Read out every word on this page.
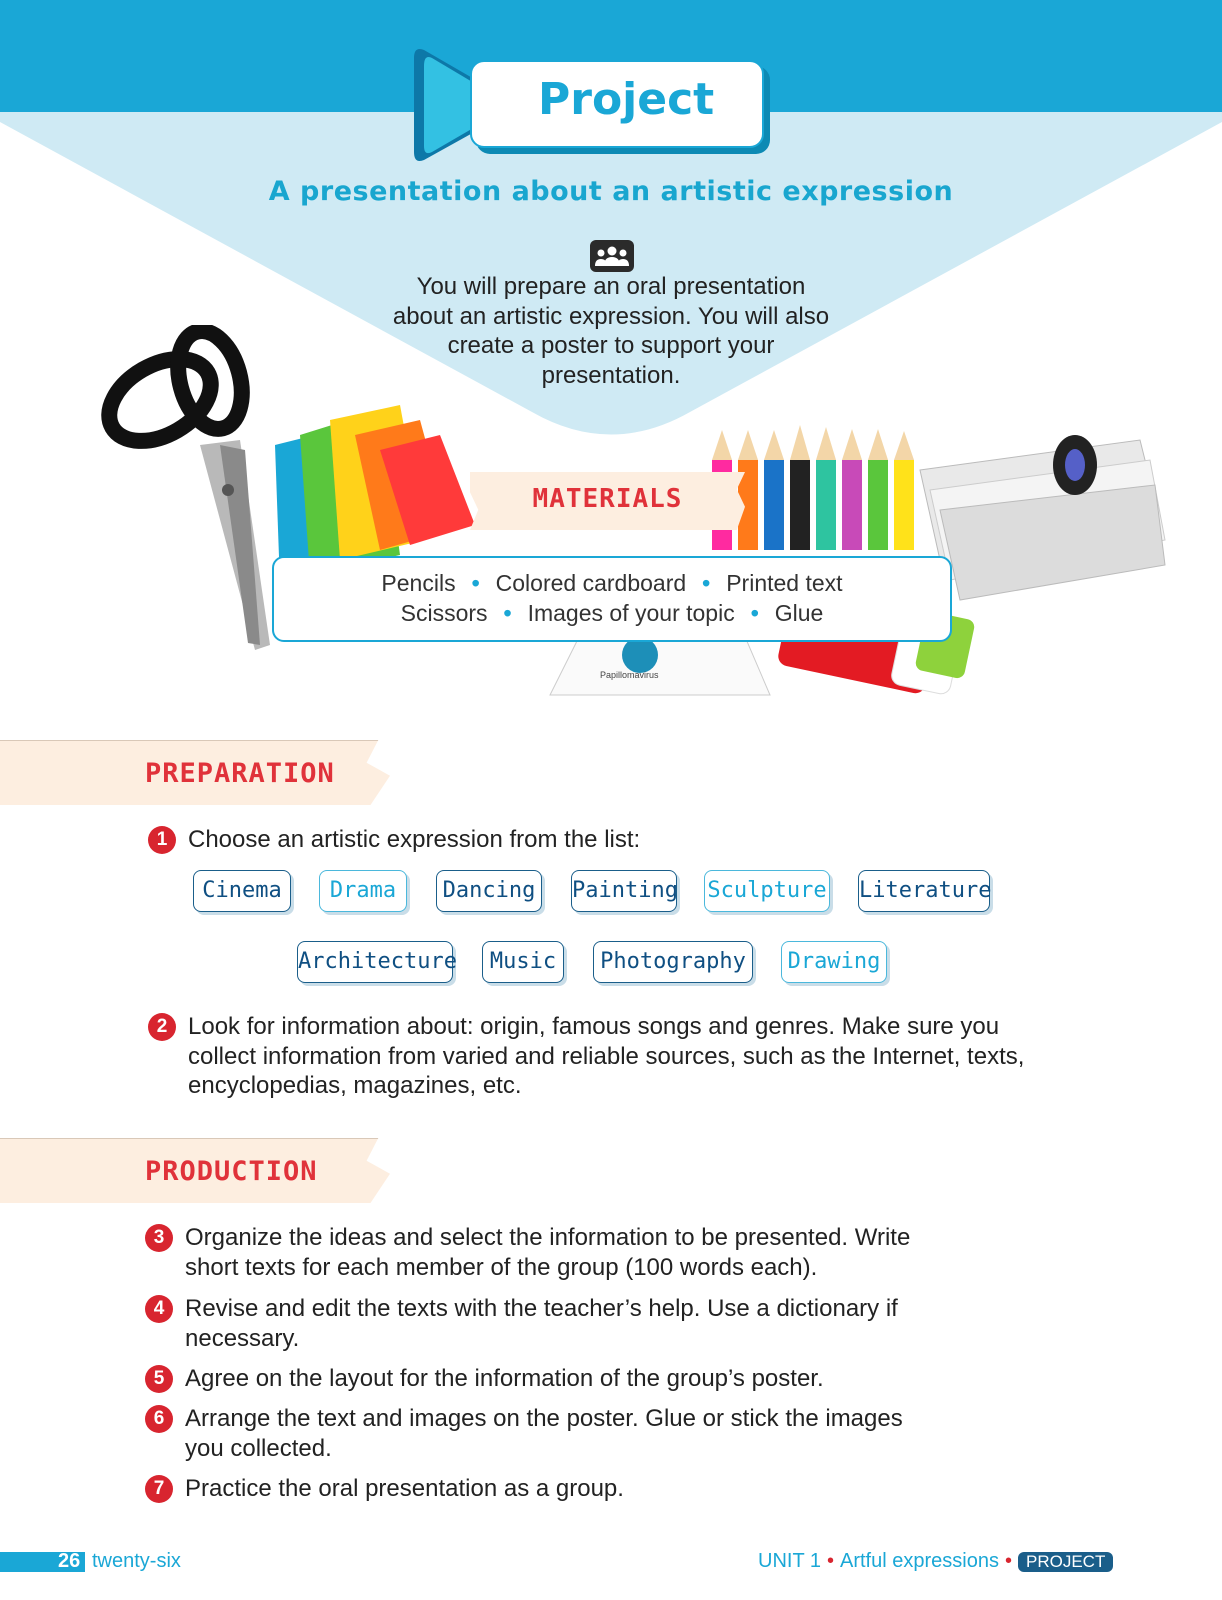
Project
A presentation about an artistic expression
You will prepare an oral presentation about an artistic expression. You will also create a poster to support your presentation.
Papillomavirus
MATERIALS
Pencils • Colored cardboard • Printed text
Scissors • Images of your topic • Glue
PREPARATION
1 Choose an artistic expression from the list:
Cinema	Drama	Dancing	Painting Sculpture Literature
Architecture	Music	Photography	Drawing
2 Look for information about: origin, famous songs and genres. Make sure you collect information from varied and reliable sources, such as the Internet, texts, encyclopedias, magazines, etc.
PRODUCTION
3 Organize the ideas and select the information to be presented. Write short texts for each member of the group (100 words each).
4 Revise and edit the texts with the teacher’s help. Use a dictionary if necessary.
5 Agree on the layout for the information of the group’s poster.
6 Arrange the text and images on the poster. Glue or stick the images you collected.
7 Practice the oral presentation as a group.
26 twenty-six	UNIT 1 • Artful expressions • PROJECT
